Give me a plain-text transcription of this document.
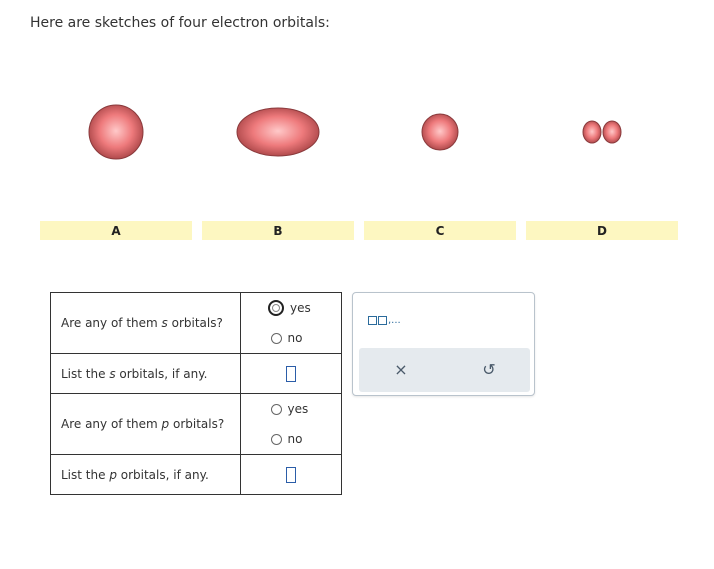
Here are sketches of four electron orbitals:
A	B	C	D
Are any of them s orbitals?	yes
no

List the s orbitals, if any.	
Are any of them p orbitals?	yes
no

List the p orbitals, if any.	
,...
×	↺
